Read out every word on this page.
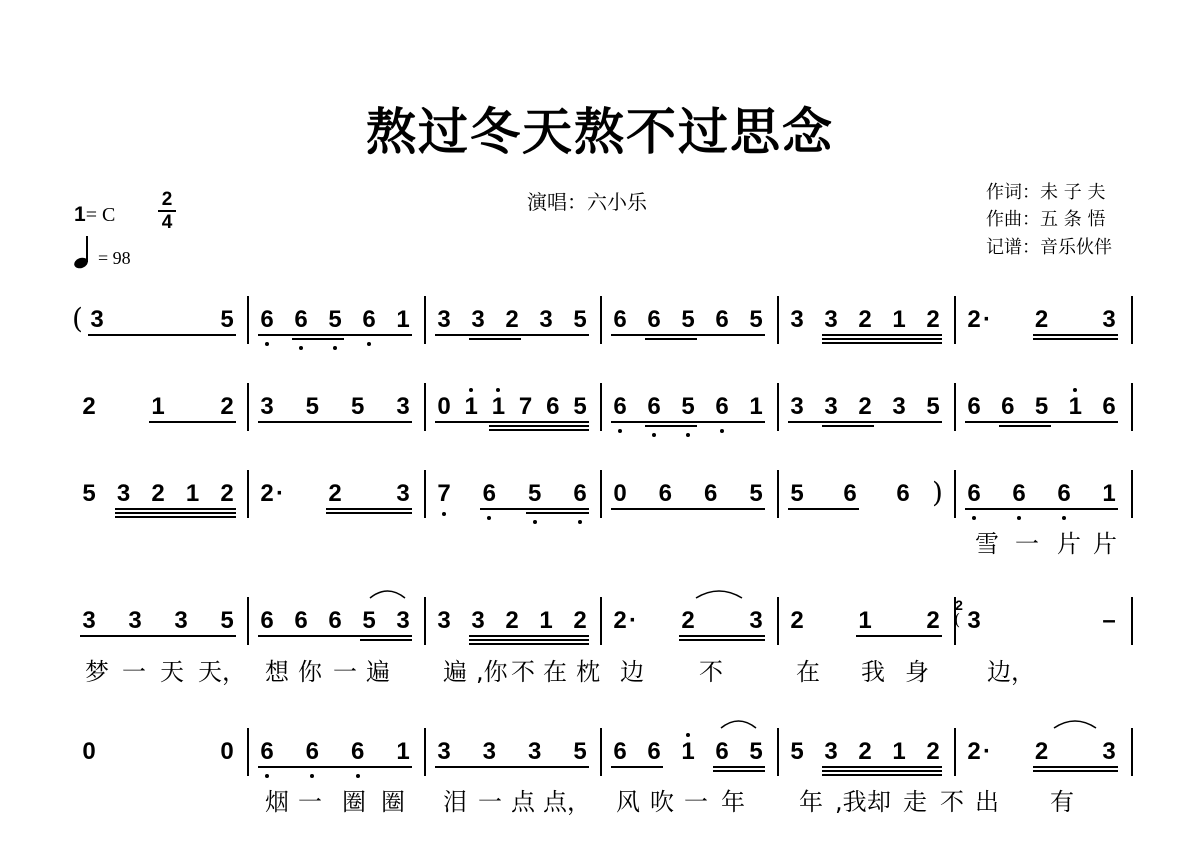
熬过冬天熬不过思念
演唱：六小乐	作词：未 子 夫
作曲：五 条 悟
记谱：音乐伙伴
1= C
2
4
= 98
( 3	5 6 6 5 6 1 3 3 2 3 5 6 6 5 6 5 3 3 2 1 2 2 · 2 3
2 1 2 3 5 5 3 0 1 1 7 6 5 6 6 5 6 1 3 3 2 3 5 6 6 5 1 6
5 3 2 1 2 2 · 2 3 7 6 5 6 0 6 6 5 5 6 6 ) 6 6 6 1
雪 一 片 片
3 3 3 5 6 6 6 5 3 3 3 2 1 2 2 · 2 3 2 1 2 3
2
(	–
梦 一 天 天， 想 你 一 遍 遍 ,你 不 在 枕 边 不	在 我 身 边，
0	0 6 6 6 1 3 3 3 5 6 6 1 6 5 5 3 2 1 2 2 · 2 3
烟 一 圈 圈 泪 一 点 点， 风 吹 一 年 年 ,我 却 走 不 出 有
